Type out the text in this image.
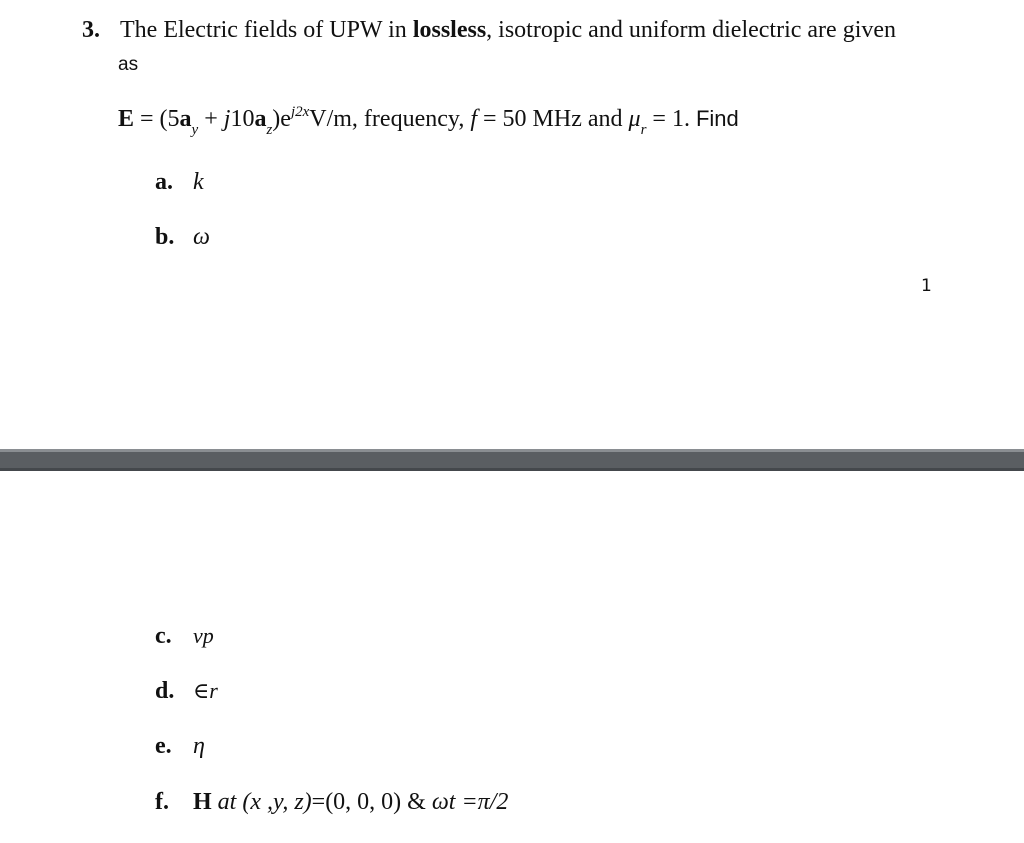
3. The Electric fields of UPW in lossless, isotropic and uniform dielectric are given
as
$E = (5a_y + j10a_z)e^{j2x}V/m$, frequency, f = 50 MHz and $\mu_r = 1$. Find
a. k
b. ω
1
c. vp
d. ∈r
e. η
f. H at (x ,y, z)=(0, 0, 0) & ωt =π/2
